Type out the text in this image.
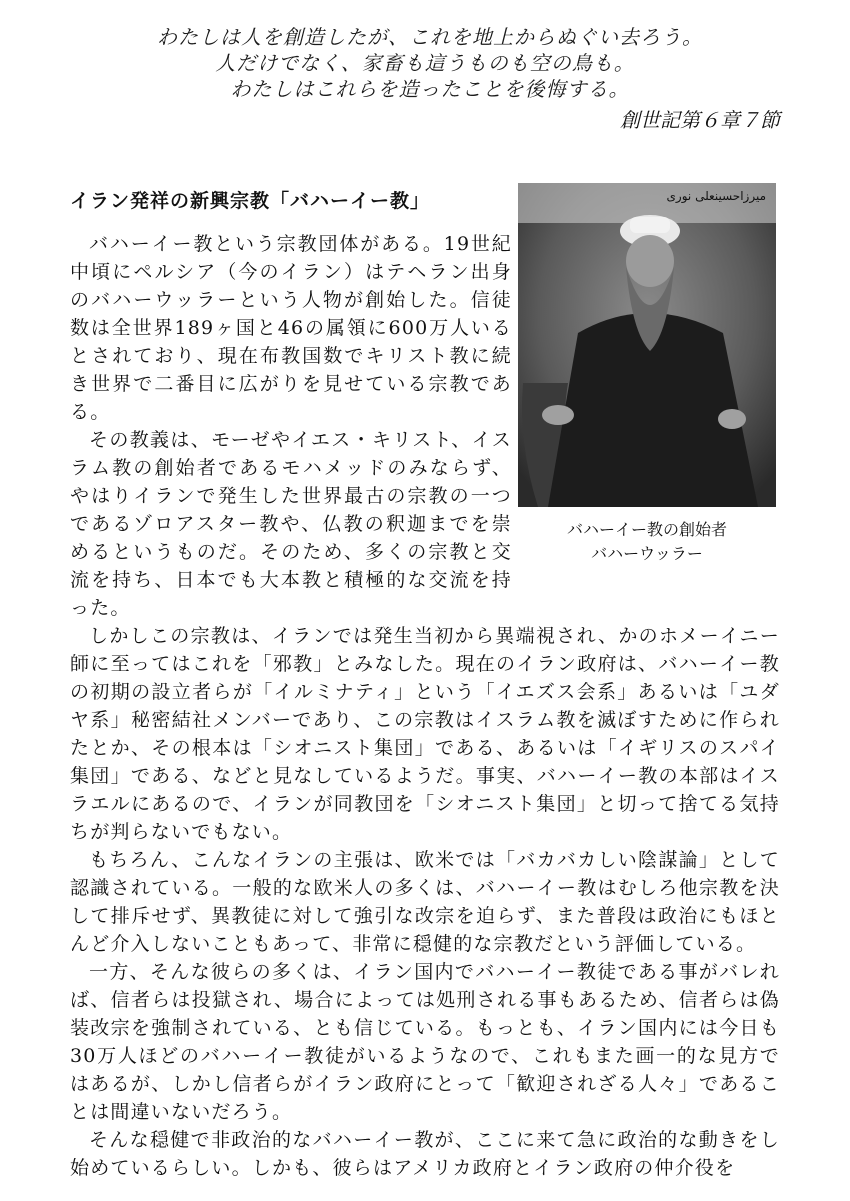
わたしは人を創造したが、これを地上からぬぐい去ろう。
人だけでなく、家畜も這うものも空の鳥も。
わたしはこれらを造ったことを後悔する。
創世記第６章７節
イラン発祥の新興宗教「バハーイー教」	ميرزاحسينعلى نورى
バハーイー教の創始者
バハーウッラー

バハーイー教という宗教団体がある。19世紀中頃にペルシア（今のイラン）はテヘラン出身のバハーウッラーという人物が創始した。信徒数は全世界189ヶ国と46の属領に600万人いるとされており、現在布教国数でキリスト教に続き世界で二番目に広がりを見せている宗教である。

その教義は、モーゼやイエス・キリスト、イスラム教の創始者であるモハメッドのみならず、やはりイランで発生した世界最古の宗教の一つであるゾロアスター教や、仏教の釈迦までを崇めるというものだ。そのため、多くの宗教と交流を持ち、日本でも大本教と積極的な交流を持った。

しかしこの宗教は、イランでは発生当初から異端視され、かのホメーイニー師に至ってはこれを「邪教」とみなした。現在のイラン政府は、バハーイー教の初期の設立者らが「イルミナティ」という「イエズス会系」あるいは「ユダヤ系」秘密結社メンバーであり、この宗教はイスラム教を滅ぼすために作られたとか、その根本は「シオニスト集団」である、あるいは「イギリスのスパイ集団」である、などと見なしているようだ。事実、バハーイー教の本部はイスラエルにあるので、イランが同教団を「シオニスト集団」と切って捨てる気持ちが判らないでもない。

もちろん、こんなイランの主張は、欧米では「バカバカしい陰謀論」として認識されている。一般的な欧米人の多くは、バハーイー教はむしろ他宗教を決して排斥せず、異教徒に対して強引な改宗を迫らず、また普段は政治にもほとんど介入しないこともあって、非常に穏健的な宗教だという評価している。

一方、そんな彼らの多くは、イラン国内でバハーイー教徒である事がバレれば、信者らは投獄され、場合によっては処刑される事もあるため、信者らは偽装改宗を強制されている、とも信じている。もっとも、イラン国内には今日も30万人ほどのバハーイー教徒がいるようなので、これもまた画一的な見方ではあるが、しかし信者らがイラン政府にとって「歓迎されざる人々」であることは間違いないだろう。

そんな穏健で非政治的なバハーイー教が、ここに来て急に政治的な動きをし始めているらしい。しかも、彼らはアメリカ政府とイラン政府の仲介役を
